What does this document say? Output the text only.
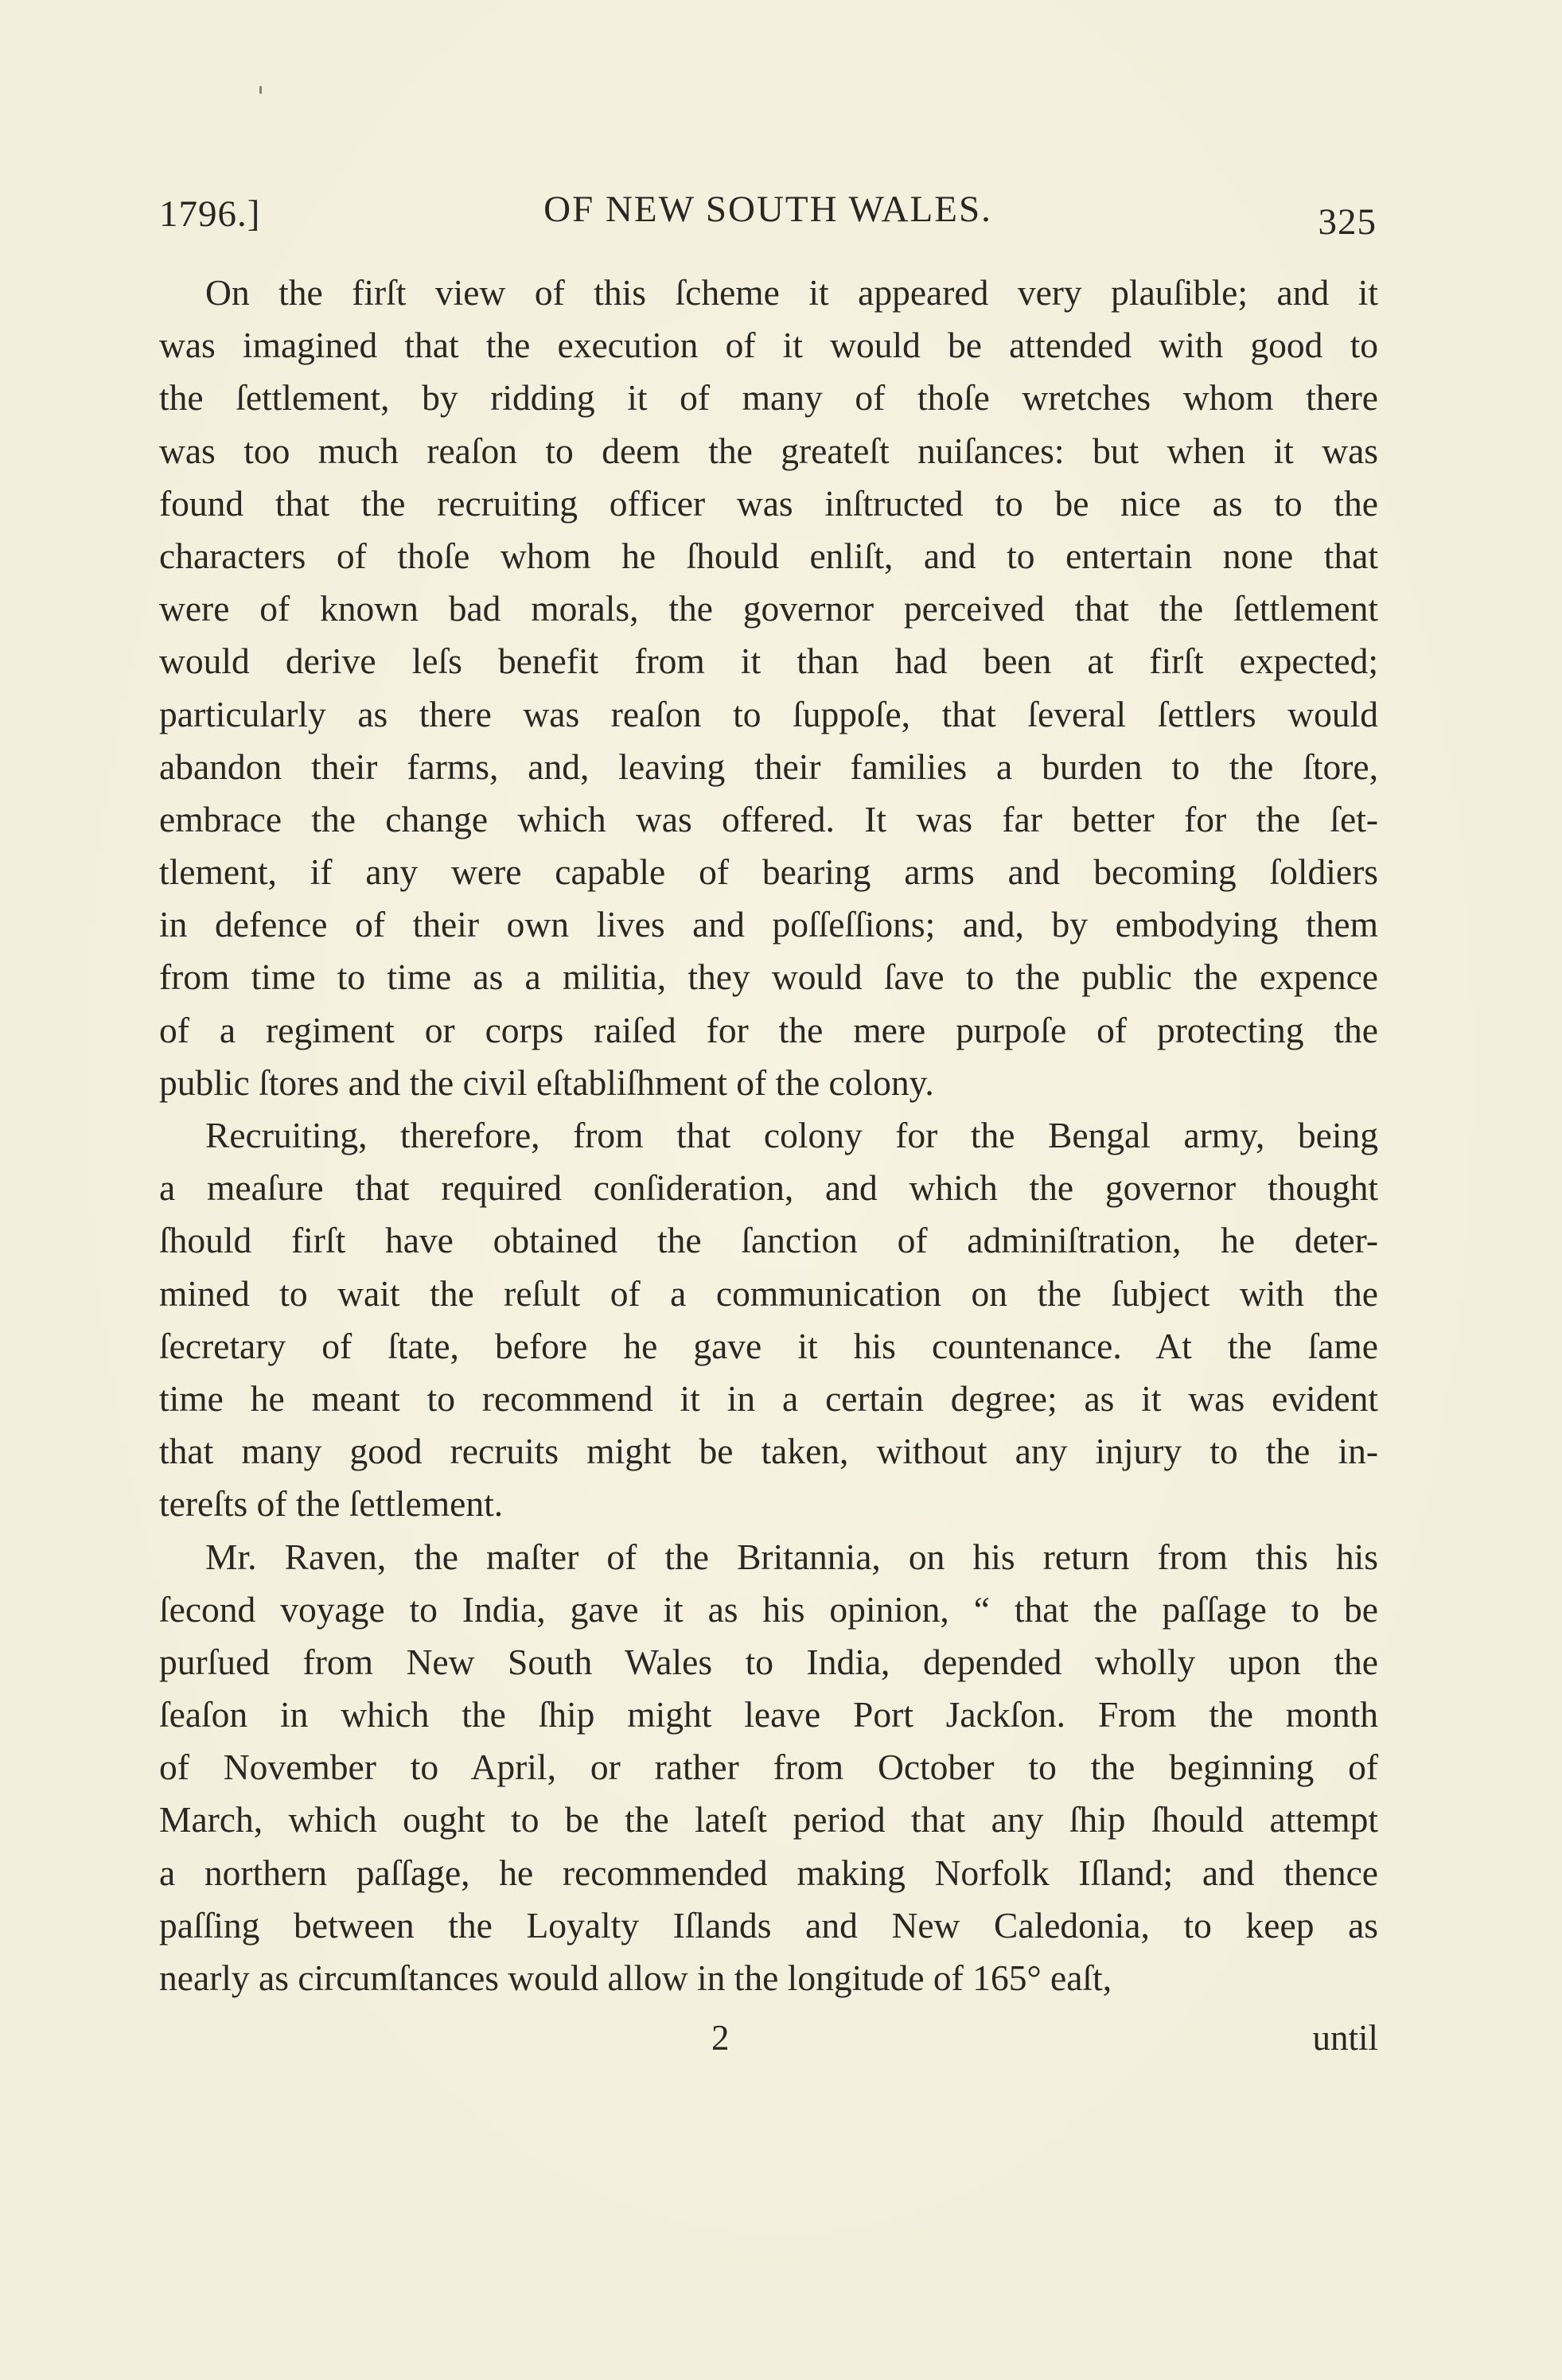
1796.]	OF NEW SOUTH WALES.	325
On the firſt view of this ſcheme it appeared very plauſible; and it
was imagined that the execution of it would be attended with good to
the ſettlement, by ridding it of many of thoſe wretches whom there
was too much reaſon to deem the greateſt nuiſances: but when it was
found that the recruiting officer was inſtructed to be nice as to the
characters of thoſe whom he ſhould enliſt, and to entertain none that
were of known bad morals, the governor perceived that the ſettlement
would derive leſs benefit from it than had been at firſt expected;
particularly as there was reaſon to ſuppoſe, that ſeveral ſettlers would
abandon their farms, and, leaving their families a burden to the ſtore,
embrace the change which was offered. It was far better for the ſet-
tlement, if any were capable of bearing arms and becoming ſoldiers
in defence of their own lives and poſſeſſions; and, by embodying them
from time to time as a militia, they would ſave to the public the expence
of a regiment or corps raiſed for the mere purpoſe of protecting the
public ſtores and the civil eſtabliſhment of the colony.
Recruiting, therefore, from that colony for the Bengal army, being
a meaſure that required conſideration, and which the governor thought
ſhould firſt have obtained the ſanction of adminiſtration, he deter-
mined to wait the reſult of a communication on the ſubject with the
ſecretary of ſtate, before he gave it his countenance. At the ſame
time he meant to recommend it in a certain degree; as it was evident
that many good recruits might be taken, without any injury to the in-
tereſts of the ſettlement.
Mr. Raven, the maſter of the Britannia, on his return from this his
ſecond voyage to India, gave it as his opinion, “ that the paſſage to be
purſued from New South Wales to India, depended wholly upon the
ſeaſon in which the ſhip might leave Port Jackſon. From the month
of November to April, or rather from October to the beginning of
March, which ought to be the lateſt period that any ſhip ſhould attempt
a northern paſſage, he recommended making Norfolk Iſland; and thence
paſſing between the Loyalty Iſlands and New Caledonia, to keep as
nearly as circumſtances would allow in the longitude of 165° eaſt,
2	until
